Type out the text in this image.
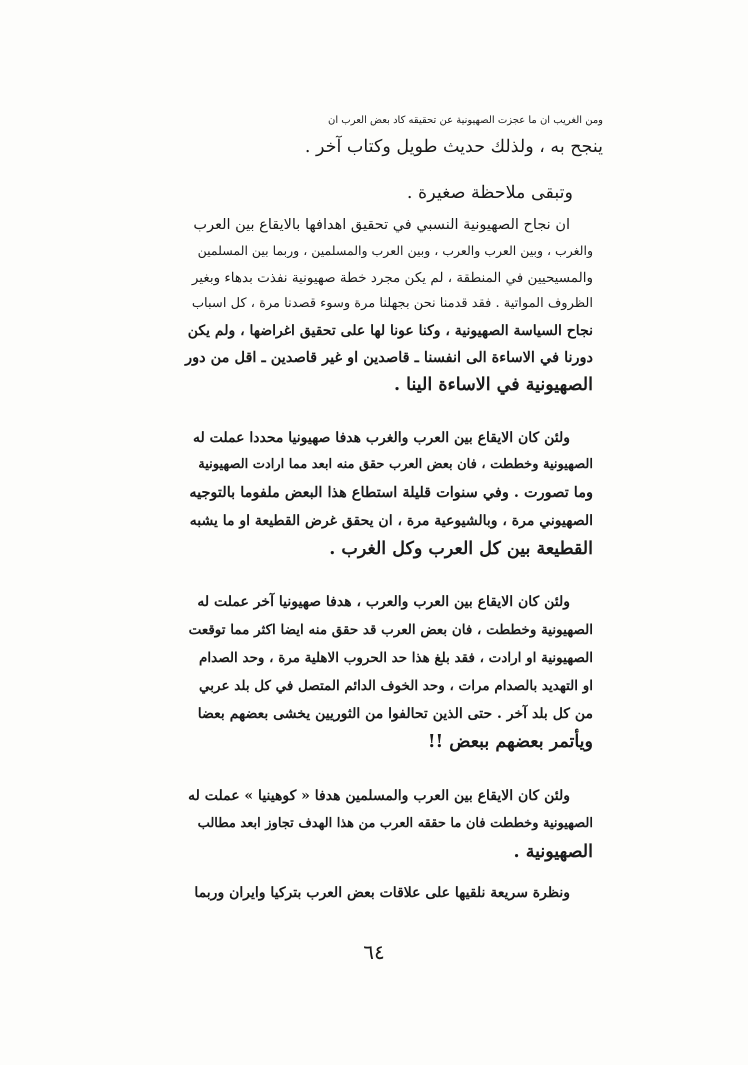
ومن الغريب ان ما عجزت الصهيونية عن تحقيقه كاد بعض العرب ان
ينجح به ، ولذلك حديث طويل وكتاب آخر .
وتبقى ملاحظة صغيرة .
ان نجاح الصهيونية النسبي في تحقيق اهدافها بالايقاع بين العرب
والغرب ، وبين العرب والعرب ، وبين العرب والمسلمين ، وربما بين المسلمين
والمسيحيين في المنطقة ، لم يكن مجرد خطة صهيونية نفذت بدهاء وبغير
الظروف المواتية . فقد قدمنا نحن بجهلنا مرة وسوء قصدنا مرة ، كل اسباب
نجاح السياسة الصهيونية ، وكنا عونا لها على تحقيق اغراضها ، ولم يكن
دورنا في الاساءة الى انفسنا ـ قاصدين او غير قاصدين ـ اقل من دور
الصهيونية في الاساءة الينا .
ولئن كان الايقاع بين العرب والغرب هدفا صهيونيا محددا عملت له
الصهيونية وخططت ، فان بعض العرب حقق منه ابعد مما ارادت الصهيونية
وما تصورت . وفي سنوات قليلة استطاع هذا البعض ملفوما بالتوجيه
الصهيوني مرة ، وبالشيوعية مرة ، ان يحقق غرض القطيعة او ما يشبه
القطيعة بين كل العرب وكل الغرب .
ولئن كان الايقاع بين العرب والعرب ، هدفا صهيونيا آخر عملت له
الصهيونية وخططت ، فان بعض العرب قد حقق منه ايضا اكثر مما توقعت
الصهيونية او ارادت ، فقد بلغ هذا حد الحروب الاهلية مرة ، وحد الصدام
او التهديد بالصدام مرات ، وحد الخوف الدائم المتصل في كل بلد عربي
من كل بلد آخر . حتى الذين تحالفوا من الثوريين يخشى بعضهم بعضا
ويأتمر بعضهم ببعض !!
ولئن كان الايقاع بين العرب والمسلمين هدفا « كوهينيا » عملت له
الصهيونية وخططت فان ما حققه العرب من هذا الهدف تجاوز ابعد مطالب
الصهيونية .
ونظرة سريعة نلقيها على علاقات بعض العرب بتركيا وايران وربما
٦٤
